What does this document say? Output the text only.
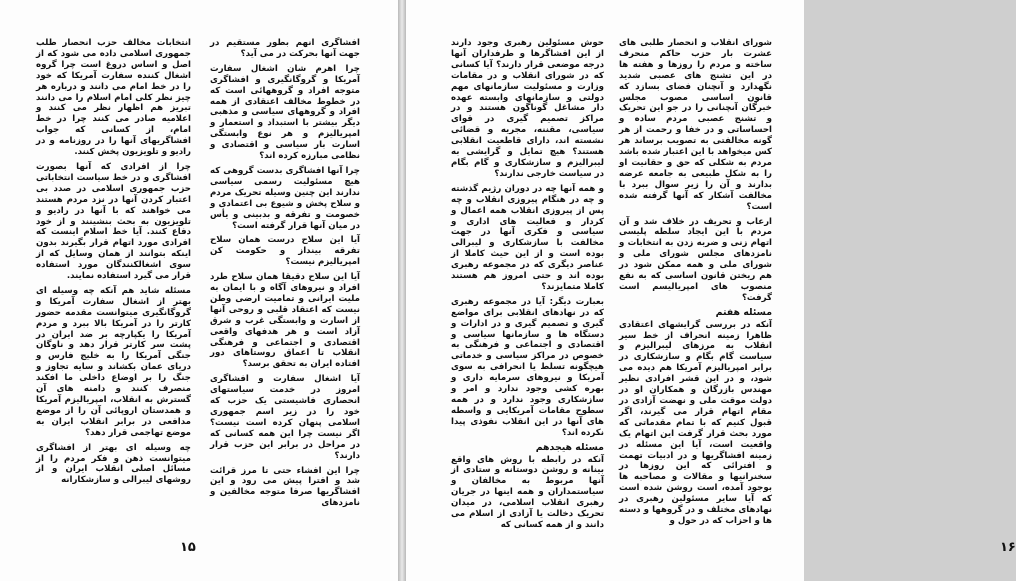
افشاگری انهم بطور مستقیم در جهت آنها بحرکت در می آید؟

چرا اهرم شان اشغال سفارت آمریکا و گروگانگیری و افشاگری متوجه افراد و گروههائی است که در خطوط مخالف اعتقادی از همه افراد و گروههای سیاسی و مذهبی دیگر بیشتر با استبداد و استعمار و امپریالیزم و هر نوع وابستگی اسارت بار سیاسی و اقتصادی و نظامی مبارزه کرده اند؟

چرا آنها افشاگری بدست گروهی که هیچ مسئولیت رسمی سیاسی ندارند این چنین وسیله تحریک مردم و سلاح پخش و شیوع بی اعتمادی و خصومت و تفرقه و بدبینی و یأس در میان آنها قرار گرفته است؟

آیا این سلاح درست همان سلاح تفرقه بینداز و حکومت کن امپریالیزم نیست؟

آیا این سلاح دقیقا همان سلاح طرد افراد و نیروهای آگاه و با ایمان به ملیت ایرانی و تمامیت ارضی وطن نیست که اعتقاد قلبی و روحی آنها از اسارت و وابستگی غرب و شرق آزاد است و هر هدفهای واقعی اقتصادی و اجتماعی و فرهنگی انقلاب تا اعماق روستاهای دور افتاده ایران به تحقق برسد؟

آیا اشغال سفارت و افشاگری امروز در خدمت سیاستهای انحصاری فاشیستی یک حزب که خود را در زیر اسم جمهوری اسلامی پنهان کرده است نیست؟ اگر نیست چرا این همه کسانی که در مراحل در برابر این حزب قرار دارند؟

چرا این افشاء حتی تا مرز قرائت شد و افترا پیش می رود و این افشاگریها صرفا متوجه مخالفین و نامزدهای

انتخابات مخالف حزب انحصار طلب جمهوری اسلامی داده می شود که از اصل و اساس دروغ است چرا گروه اشغال کننده سفارت آمریکا که خود را در خط امام می دانند و درباره هر چیز نظر کلی امام اسلام را می دانند تبریز هم اظهار نظر می کنند و اعلامیه صادر می کنند چرا در خط امام، از کسانی که جواب افشاگریهای آنها را در روزنامه و در رادیو و تلویزیون پخش کنند.

چرا از افرادی که آنها بصورت افشاگری و در خط سیاست انتخاباتی حزب جمهوری اسلامی در صدد بی اعتبار کردن آنها در نزد مردم هستند می خواهند که با آنها در رادیو و تلویزیون به بحث بنشینند و از خود دفاع کنند. آیا خط اسلام اینست که افرادی مورد اتهام قرار بگیرند بدون اینکه بتوانند از همان وسایل که از سوی اشغالکنندگان مورد استفاده قرار می گیرد استفاده نمایند.

مسئله شاید هم آنکه چه وسیله ای بهتر از اشغال سفارت آمریکا و گروگانگیری میتوانست مقدمه حضور کارتر را در آمریکا بالا ببرد و مردم آمریکا را یکپارچه بر ضد ایران در پشت سر کارتر قرار دهد و ناوگان جنگی آمریکا را به خلیج فارس و دریای عمان بکشاند و سایه تجاوز و جنگ را بر اوضاع داخلی ما افکند منصرف کنند و دامنه های آن گسترش به انقلاب، امپریالیزم آمریکا و همدستان اروپائی آن را از موضع مدافعی در برابر انقلاب ایران به موضع تهاجمی قرار دهد؟

چه وسیله ای بهتر از افشاگری میتوانست ذهن و فکر مردم را از مسائل اصلی انقلاب ایران و از روشهای لیبرالی و سازشکارانه

۱۵

شورای انقلاب و انحصار طلبی های عشرت بار حزب حاکم منحرف ساخته و مردم را روزها و هفته ها در این تشنج های عصبی شدید نگهدارد و آنچنان فضای بسازد که قانون اساسی مصوب مجلس خبرگان آنچنانی را در جو این تحریک و تشنج عصبی مردم ساده و احساساتی و در خفا و رحمت از هر گونه مخالفتی به تصویب برساند هر کس میخواهد با این اعتبار شده باشد مردم به شکلی که حق و حقانیت او را به شکل طبیعی به جامعه عرضه بدارند و آن را زیر سوال ببرد با مخالفت آشکار که آنها گرفته شده است؟

ارعاب و تحریف در خلاف شد و آن مردم با این ایجاد سلطه پلیسی اتهام زنی و ضربه زدن به انتخابات و نامزدهای مجلس شورای ملی و شورای ملی و همه ممکن شود در هم ریختن قانون اساسی که به نفع منصوب های امپریالیسم است گرفت؟

مسئله هفتم

آنکه در بررسی گرایشهای اعتقادی ظاهرا زمینه انحراف از خط سیر انقلاب به مرزهای لیبرالیزم و سیاست گام بگام و سازشکاری در برابر امپریالیزم آمریکا هم دیده می شود، و در این قشر افرادی نظیر مهندس بازرگان و همکاران او در دولت موقت ملی و نهضت آزادی در مقام اتهام قرار می گیرند، اگر قبول کنیم که با تمام مقدماتی که مورد بحث قرار گرفت این اتهام یک واقعیت است، آیا این مسئله در زمینه افشاگریها و در ادبیات تهمت و افترائی که این روزها در سخنرانیها و مقالات و مصاحبه ها بوجود آمده، است روشن شده است که آیا سایر مسئولین رهبری در نهادهای مختلف و در گروهها و دسته ها و احزاب که در حول و

حوش مسئولین رهبری وجود دارند از این افشاگرها و طرفداران آنها درجه موضعی قرار دارند؟ آیا کسانی که در شورای انقلاب و در مقامات وزارت و مسئولیت سازمانهای مهم دولتی و سازمانهای وابسته عهده دار مشاغل گوناگون هستند و در مراکز تصمیم گیری در قوای سیاسی، مقننه، مجریه و قضائی نشسته اند، دارای قاطعیت انقلابی هستند؟ هیچ تمایل و گرایشی به لیبرالیزم و سازشکاری و گام بگام در سیاست خارجی ندارند؟

و همه آنها چه در دوران رژیم گذشته و چه در هنگام پیروزی انقلاب و چه پس از پیروزی انقلاب همه اعمال و کردار و فعالیت های اداری و سیاسی و فکری آنها در جهت مخالفت با سازشکاری و لیبرالی بوده است و از این حیث کاملا از عناصر دیگری که در مجموعه رهبری بوده اند و حتی امروز هم هستند کاملا متمایزند؟

بعبارت دیگر: آیا در مجموعه رهبری که در نهادهای انقلابی برای مواضع گیری و تصمیم گیری و در ادارات و دستگاه ها و سازمانها سیاسی و اقتصادی و اجتماعی و فرهنگی به خصوص در مراکز سیاسی و خدماتی هیچگونه تسلط یا انحرافی به سوی آمریکا و نیروهای سرمایه داری و بهره کشی وجود ندارد و امر و سازشکاری وجود ندارد و در همه سطوح مقامات آمریکایی و واسطه های آنها در این انقلاب نفوذی پیدا نکرده اند؟

مسئله هیجدهم

آنکه در رابطه با روش های واقع بینانه و روشن دوستانه و ستادی از آنها مربوط به مخالفان و سیاستمداران و همه اینها در جریان رهبری انقلاب اسلامی، در میدان تحریک دخالت یا آزادی از اسلام می دانند و از همه کسانی که

۱۶
